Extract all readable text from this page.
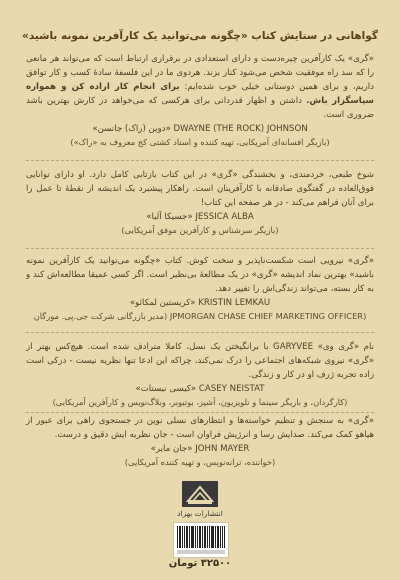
گواهانی در ستایش کتاب «چگونه می‌توانید یک کارآفرین نمونه باشید»

«گری» یک کارآفرین چیره‌دست و دارای استعدادی در برقراری ارتباط است که می‌تواند هر مانعی را که سد راه موفقیت شخص می‌شود کنار بزند. هردوی ما در این فلسفهٔ سادهٔ کسب و کار توافق داریم، و برای همین دوستانی خیلی خوب شده‌ایم: برای انجام کار اراده کن و همواره سپاسگزار باش. داشتن و اظهار قدردانی برای هرکسی که می‌خواهد در کارش بهترین باشد ضروری است.

DWAYNE (THE ROCK) JOHNSON «دوین (راک) جانسن»
(بازیگر افسانه‌ای آمریکایی، تهیه کننده و استاد کشتی کج معروف به «راک»)

شوخ طبعی، خردمندی، و بخشندگی «گری» در این کتاب بازتابی کامل دارد. او دارای توانایی فوق‌العاده در گفتگوی صادقانه با کارآفرینان است. راهکار پیشبرد یک اندیشه از نقطهٔ تا عمل را برای آنان فراهم می‌کند - در هر صفحه این کتاب!

JESSICA ALBA «جسیکا آلبا»
(بازیگر سرشناس و کارآفرین موفق آمریکایی)

«گری» نیرویی است شکست‌ناپذیر و سخت کوش. کتاب «چگونه می‌توانید یک کارآفرین نمونه باشید» بهترین نماد اندیشه «گری» در یک مطالعهٔ بی‌نظیر است. اگر کسی عمیقا مطالعه‌اش کند و به کار بسته، می‌تواند زندگی‌اش را تغییر دهد.

KRISTIN LEMKAU «کریستین لمکائو»
JPMORGAN CHASE CHIEF MARKETING OFFICER) (مدیر بازرگانی شرکت جی.پی. مورگان

نام «گری وی» GARYVEE با برانگیختن یک نسل، کاملا مترادف شده است. هیچ‌کس بهتر از «گری» نیروی شبکه‌های اجتماعی را درک نمی‌کند، چراکه این ادعا تنها نظریه نیست - درکی است زاده تجربه ژرف او در کار و زندگی.

CASEY NEISTAT «کیسی نیستات»
(کارگردان، و بازیگر سینما و تلویزیون، آشپز، یوتیوبر، وبلاگ‌نویس و کارآفرین آمریکایی)

«گری» به سنجش و تنظیم خواسته‌ها و انتظارهای نسلی نوین در جستجوی راهی برای عبور از هیاهو کمک می‌کند. صدایش رسا و انرژیش فراوان است - جان نظریه ایش دقیق و درست.

JOHN MAYER «جان مایر»
(خواننده، ترانه‌نویس، و تهیه کننده آمریکایی)
انتشارات بهزاد
۳۲۵۰۰ تومان
